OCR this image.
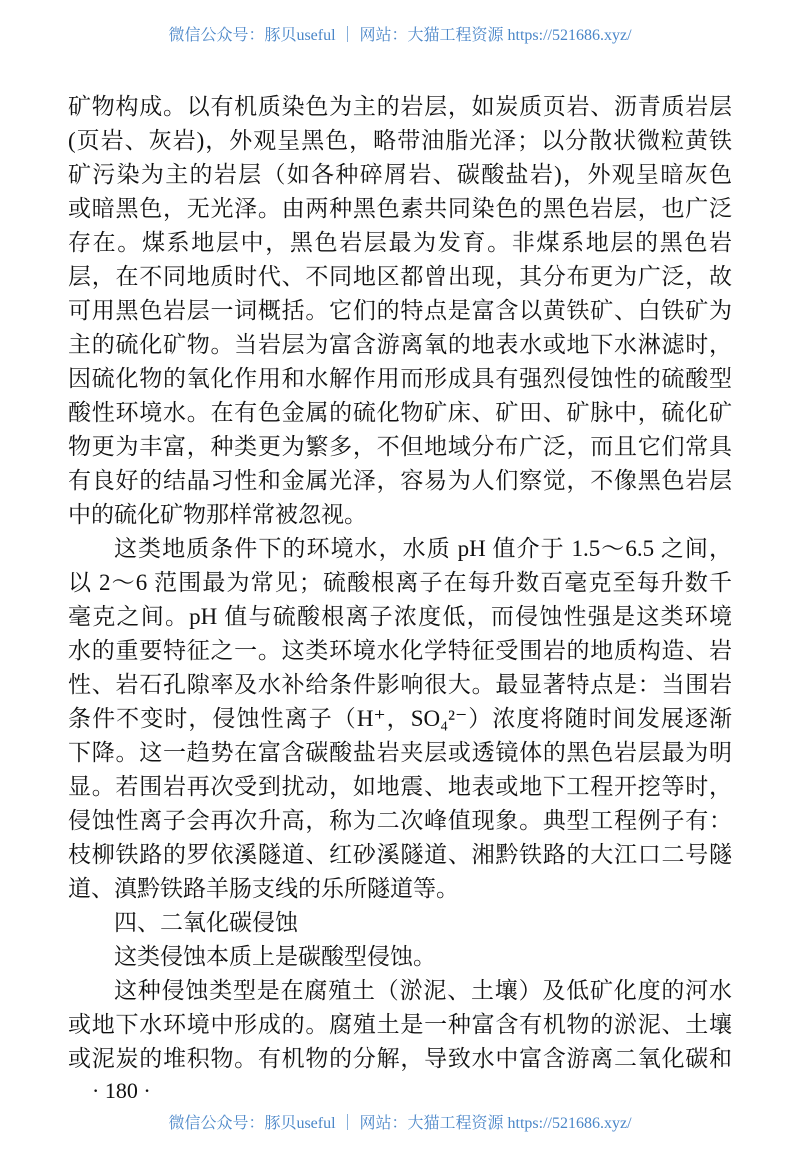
微信公众号：豚贝useful ｜ 网站：大猫工程资源 https://521686.xyz/
矿物构成。以有机质染色为主的岩层，如炭质页岩、沥青质岩层
(页岩、灰岩)，外观呈黑色，略带油脂光泽；以分散状微粒黄铁
矿污染为主的岩层（如各种碎屑岩、碳酸盐岩)，外观呈暗灰色
或暗黑色，无光泽。由两种黑色素共同染色的黑色岩层，也广泛
存在。煤系地层中，黑色岩层最为发育。非煤系地层的黑色岩
层，在不同地质时代、不同地区都曾出现，其分布更为广泛，故
可用黑色岩层一词概括。它们的特点是富含以黄铁矿、白铁矿为
主的硫化矿物。当岩层为富含游离氧的地表水或地下水淋滤时，
因硫化物的氧化作用和水解作用而形成具有强烈侵蚀性的硫酸型
酸性环境水。在有色金属的硫化物矿床、矿田、矿脉中，硫化矿
物更为丰富，种类更为繁多，不但地域分布广泛，而且它们常具
有良好的结晶习性和金属光泽，容易为人们察觉，不像黑色岩层
中的硫化矿物那样常被忽视。
这类地质条件下的环境水，水质 pH 值介于 1.5～6.5 之间，
以 2～6 范围最为常见；硫酸根离子在每升数百毫克至每升数千
毫克之间。pH 值与硫酸根离子浓度低，而侵蚀性强是这类环境
水的重要特征之一。这类环境水化学特征受围岩的地质构造、岩
性、岩石孔隙率及水补给条件影响很大。最显著特点是：当围岩
条件不变时，侵蚀性离子（H⁺，SO₄²⁻）浓度将随时间发展逐渐
下降。这一趋势在富含碳酸盐岩夹层或透镜体的黑色岩层最为明
显。若围岩再次受到扰动，如地震、地表或地下工程开挖等时，
侵蚀性离子会再次升高，称为二次峰值现象。典型工程例子有：
枝柳铁路的罗依溪隧道、红砂溪隧道、湘黔铁路的大江口二号隧
道、滇黔铁路羊肠支线的乐所隧道等。
四、二氧化碳侵蚀
这类侵蚀本质上是碳酸型侵蚀。
这种侵蚀类型是在腐殖土（淤泥、土壤）及低矿化度的河水
或地下水环境中形成的。腐殖土是一种富含有机物的淤泥、土壤
或泥炭的堆积物。有机物的分解，导致水中富含游离二氧化碳和
· 180 ·
微信公众号：豚贝useful ｜ 网站：大猫工程资源 https://521686.xyz/
